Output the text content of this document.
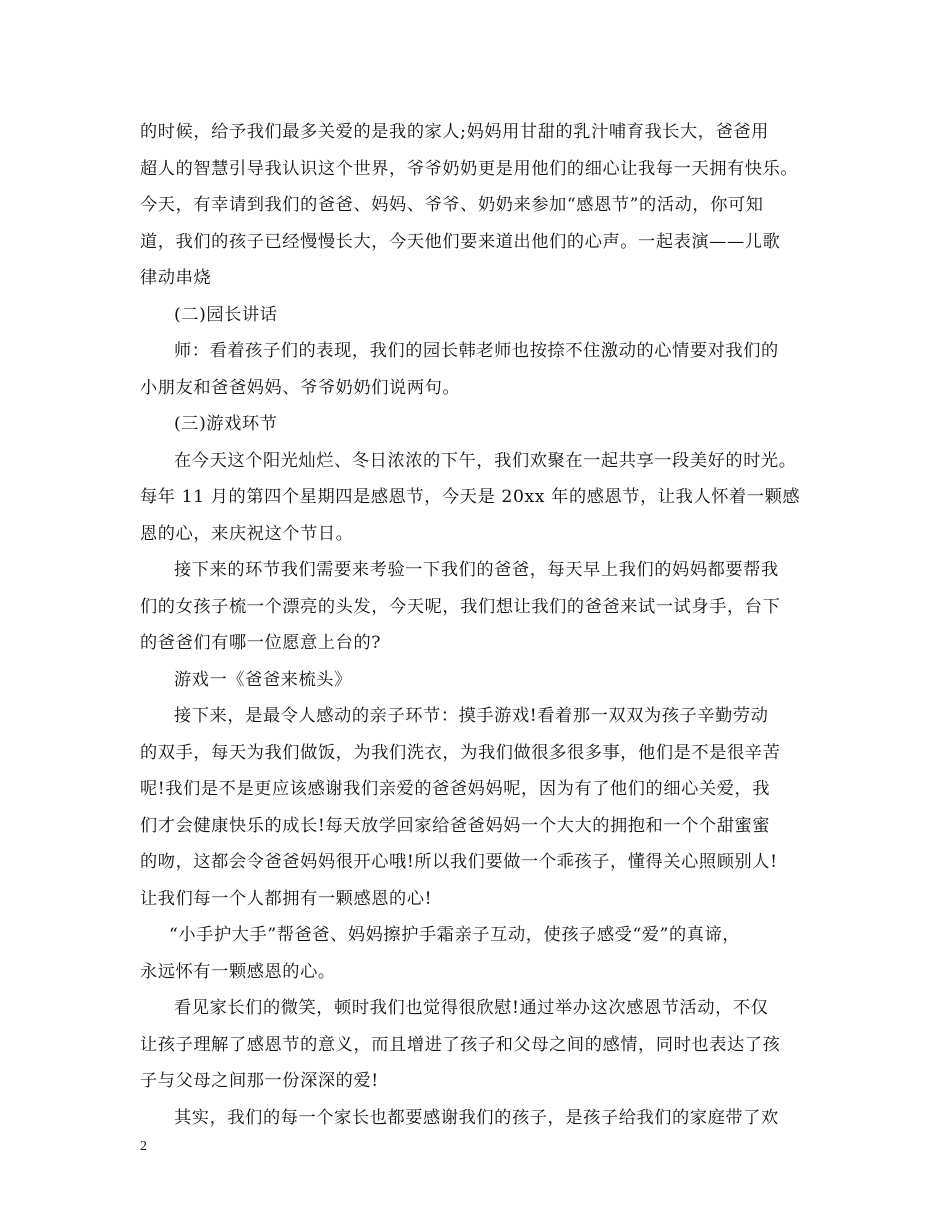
的时候，给予我们最多关爱的是我的家人;妈妈用甘甜的乳汁哺育我长大，爸爸用
超人的智慧引导我认识这个世界，爷爷奶奶更是用他们的细心让我每一天拥有快乐。
今天，有幸请到我们的爸爸、妈妈、爷爷、奶奶来参加“感恩节”的活动，你可知
道，我们的孩子已经慢慢长大，今天他们要来道出他们的心声。一起表演——儿歌
律动串烧
(二)园长讲话
师：看着孩子们的表现，我们的园长韩老师也按捺不住激动的心情要对我们的
小朋友和爸爸妈妈、爷爷奶奶们说两句。
(三)游戏环节
在今天这个阳光灿烂、冬日浓浓的下午，我们欢聚在一起共享一段美好的时光。
每年 11 月的第四个星期四是感恩节，今天是 20xx 年的感恩节，让我人怀着一颗感
恩的心，来庆祝这个节日。
接下来的环节我们需要来考验一下我们的爸爸，每天早上我们的妈妈都要帮我
们的女孩子梳一个漂亮的头发，今天呢，我们想让我们的爸爸来试一试身手，台下
的爸爸们有哪一位愿意上台的?
游戏一《爸爸来梳头》
接下来，是最令人感动的亲子环节：摸手游戏!看着那一双双为孩子辛勤劳动
的双手，每天为我们做饭，为我们洗衣，为我们做很多很多事，他们是不是很辛苦
呢!我们是不是更应该感谢我们亲爱的爸爸妈妈呢，因为有了他们的细心关爱，我
们才会健康快乐的成长!每天放学回家给爸爸妈妈一个大大的拥抱和一个个甜蜜蜜
的吻，这都会令爸爸妈妈很开心哦!所以我们要做一个乖孩子，懂得关心照顾别人!
让我们每一个人都拥有一颗感恩的心!
“小手护大手”帮爸爸、妈妈擦护手霜亲子互动，使孩子感受“爱”的真谛，
永远怀有一颗感恩的心。
看见家长们的微笑，顿时我们也觉得很欣慰!通过举办这次感恩节活动，不仅
让孩子理解了感恩节的意义，而且增进了孩子和父母之间的感情，同时也表达了孩
子与父母之间那一份深深的爱!
其实，我们的每一个家长也都要感谢我们的孩子，是孩子给我们的家庭带了欢
2
